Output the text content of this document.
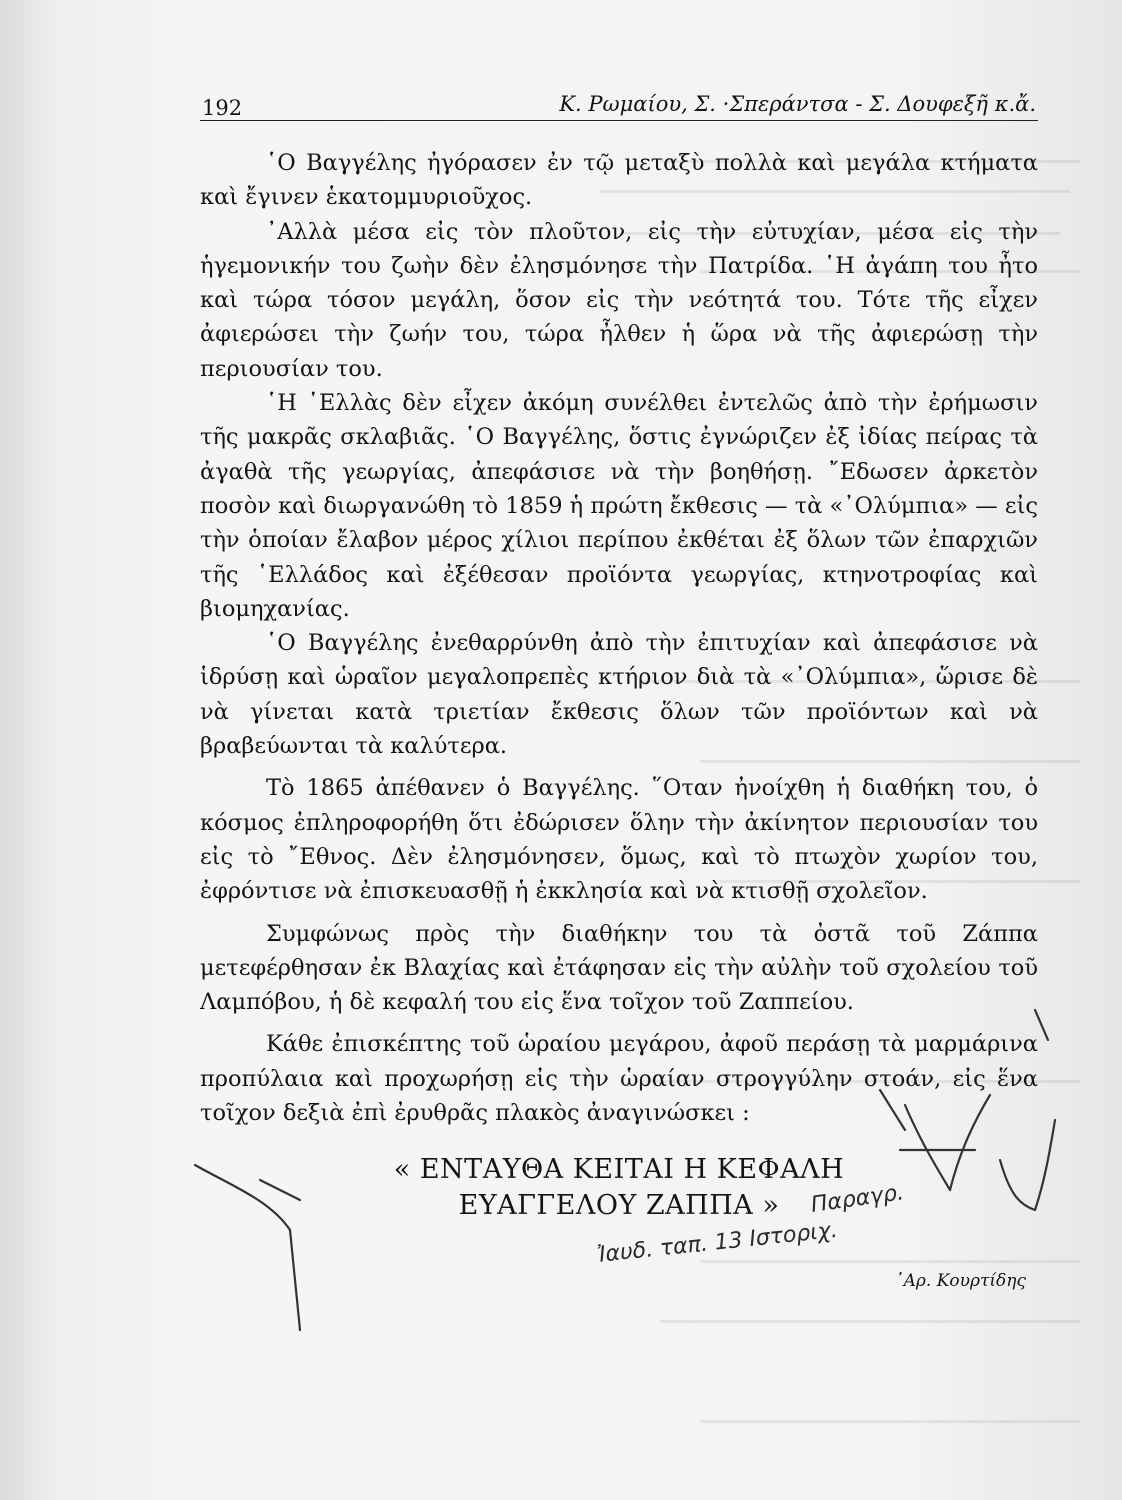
192	Κ. Ρωμαίου, Σ. ·Σπεράντσα - Σ. Δουφεξῆ κ.ἄ.

῾Ο Βαγγέλης ἠγόρασεν ἐν τῷ μεταξὺ πολλὰ καὶ μεγάλα κτήματα καὶ ἔγινεν ἑκατομμυριοῦχος.

᾿Αλλὰ μέσα εἰς τὸν πλοῦτον, εἰς τὴν εὐτυχίαν, μέσα εἰς τὴν ἡγεμονικήν του ζωὴν δὲν ἐλησμόνησε τὴν Πατρίδα. ῾Η ἀγάπη του ἦτο καὶ τώρα τόσον μεγάλη, ὅσον εἰς τὴν νεότητά του. Τότε τῆς εἶχεν ἀφιερώσει τὴν ζωήν του, τώρα ἦλθεν ἡ ὥρα νὰ τῆς ἀφιερώσῃ τὴν περιουσίαν του.

῾Η ῾Ελλὰς δὲν εἶχεν ἀκόμη συνέλθει ἐντελῶς ἀπὸ τὴν ἐρήμωσιν τῆς μακρᾶς σκλαβιᾶς. ῾Ο Βαγγέλης, ὅστις ἐγνώριζεν ἐξ ἰδίας πείρας τὰ ἀγαθὰ τῆς γεωργίας, ἀπεφάσισε νὰ τὴν βοηθήσῃ. ῎Εδωσεν ἀρκετὸν ποσὸν καὶ διωργανώθη τὸ 1859 ἡ πρώτη ἔκθεσις — τὰ «᾿Ολύμπια» — εἰς τὴν ὁποίαν ἔλαβον μέρος χίλιοι περίπου ἐκθέται ἐξ ὅλων τῶν ἐπαρχιῶν τῆς ῾Ελλάδος καὶ ἐξέθεσαν προϊόντα γεωργίας, κτηνοτροφίας καὶ βιομηχανίας.

῾Ο Βαγγέλης ἐνεθαρρύνθη ἀπὸ τὴν ἐπιτυχίαν καὶ ἀπεφάσισε νὰ ἱδρύσῃ καὶ ὡραῖον μεγαλοπρεπὲς κτήριον διὰ τὰ «᾿Ολύμπια», ὥρισε δὲ νὰ γίνεται κατὰ τριετίαν ἔκθεσις ὅλων τῶν προϊόντων καὶ νὰ βραβεύωνται τὰ καλύτερα.

Τὸ 1865 ἀπέθανεν ὁ Βαγγέλης. ῞Οταν ἠνοίχθη ἡ διαθήκη του, ὁ κόσμος ἐπληροφορήθη ὅτι ἐδώρισεν ὅλην τὴν ἀκίνητον περιουσίαν του εἰς τὸ ῎Εθνος. Δὲν ἐλησμόνησεν, ὅμως, καὶ τὸ πτωχὸν χωρίον του, ἐφρόντισε νὰ ἐπισκευασθῇ ἡ ἐκκλησία καὶ νὰ κτισθῇ σχολεῖον.

Συμφώνως πρὸς τὴν διαθήκην του τὰ ὀστᾶ τοῦ Ζάππα μετεφέρθησαν ἐκ Βλαχίας καὶ ἐτάφησαν εἰς τὴν αὐλὴν τοῦ σχολείου τοῦ Λαμπόβου, ἡ δὲ κεφαλή του εἰς ἕνα τοῖχον τοῦ Ζαππείου.

Κάθε ἐπισκέπτης τοῦ ὡραίου μεγάρου, ἀφοῦ περάσῃ τὰ μαρμάρινα προπύλαια καὶ προχωρήσῃ εἰς τὴν ὡραίαν στρογγύλην στοάν, εἰς ἕνα τοῖχον δεξιὰ ἐπὶ ἐρυθρᾶς πλακὸς ἀναγινώσκει :

« ΕΝΤΑΥΘΑ ΚΕΙΤΑΙ Η ΚΕΦΑΛΗ
ΕΥΑΓΓΕΛΟΥ ΖΑΠΠΑ »
᾿Αρ. Κουρτίδης
Παραγρ.
Ἰαυδ. ταπ. 13 Ιστοριχ.
